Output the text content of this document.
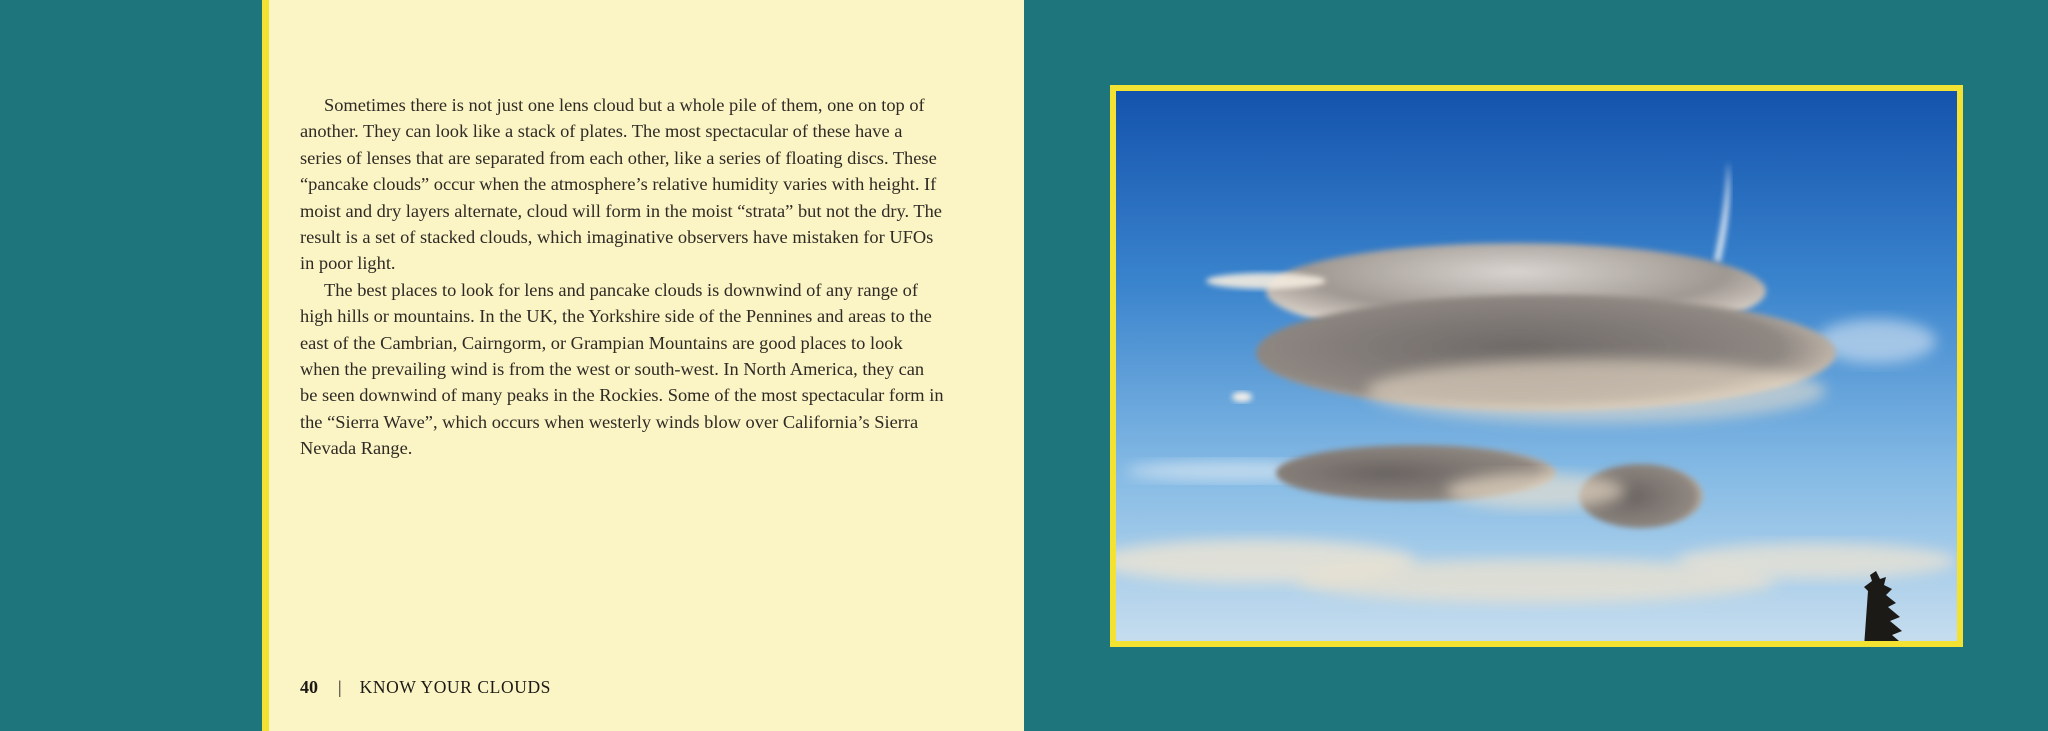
Sometimes there is not just one lens cloud but a whole pile of them, one on top of another. They can look like a stack of plates. The most spectacular of these have a series of lenses that are separated from each other, like a series of floating discs. These “pancake clouds” occur when the atmosphere’s relative humidity varies with height. If moist and dry layers alternate, cloud will form in the moist “strata” but not the dry. The result is a set of stacked clouds, which imaginative observers have mistaken for UFOs in poor light.

The best places to look for lens and pancake clouds is downwind of any range of high hills or mountains. In the UK, the Yorkshire side of the Pennines and areas to the east of the Cambrian, Cairngorm, or Grampian Mountains are good places to look when the prevailing wind is from the west or south-west. In North America, they can be seen downwind of many peaks in the Rockies. Some of the most spectacular form in the “Sierra Wave”, which occurs when westerly winds blow over California’s Sierra Nevada Range.

40 | KNOW YOUR CLOUDS
